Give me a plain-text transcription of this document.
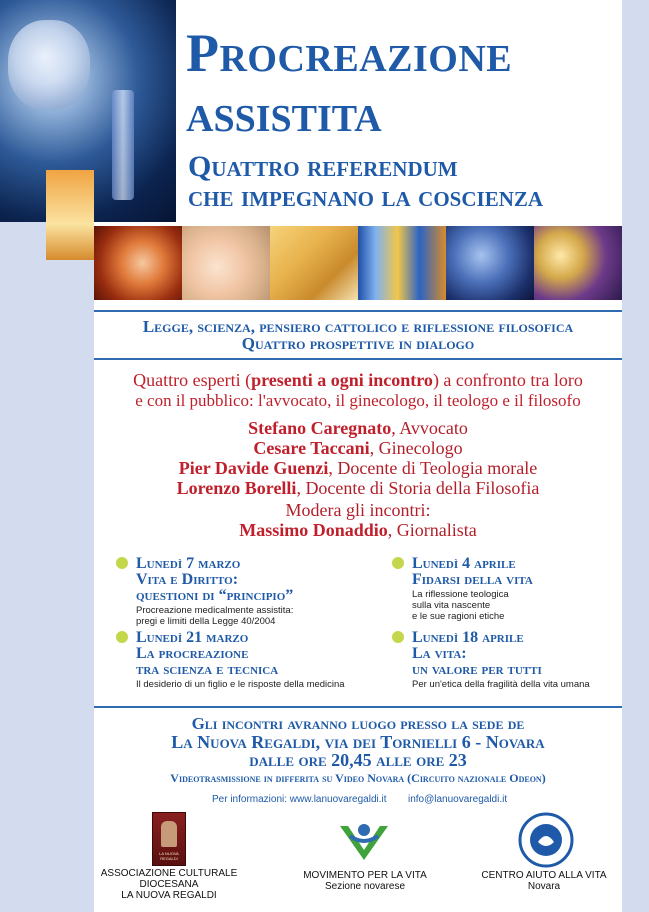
Procreazione
assistita
Quattro referendum
che impegnano la coscienza
Legge, scienza, pensiero cattolico e riflessione filosofica
Quattro prospettive in dialogo
Quattro esperti (presenti a ogni incontro) a confronto tra loro
e con il pubblico: l'avvocato, il ginecologo, il teologo e il filosofo
Stefano Caregnato, Avvocato
Cesare Taccani, Ginecologo
Pier Davide Guenzi, Docente di Teologia morale
Lorenzo Borelli, Docente di Storia della Filosofia
Modera gli incontri:
Massimo Donaddio, Giornalista
Lunedì 7 marzo
Vita e Diritto:
questioni di “principio”
Procreazione medicalmente assistita:
pregi e limiti della Legge 40/2004
Lunedì 4 aprile
Fidarsi della vita
La riflessione teologica
sulla vita nascente
e le sue ragioni etiche
Lunedì 21 marzo
La procreazione
tra scienza e tecnica
Il desiderio di un figlio e le risposte della medicina
Lunedì 18 aprile
La vita:
un valore per tutti
Per un'etica della fragilità della vita umana
Gli incontri avranno luogo presso la sede de
La Nuova Regaldi, via dei Tornielli 6 - Novara
dalle ore 20,45 alle ore 23
Videotrasmissione in differita su Video Novara (Circuito nazionale Odeon)
Per informazioni: www.lanuovaregaldi.it info@lanuovaregaldi.it
LA NUOVA REGALDI
ASSOCIAZIONE CULTURALE
DIOCESANA
LA NUOVA REGALDI
MOVIMENTO PER LA VITA
Sezione novarese
CENTRO AIUTO ALLA VITA
Novara
